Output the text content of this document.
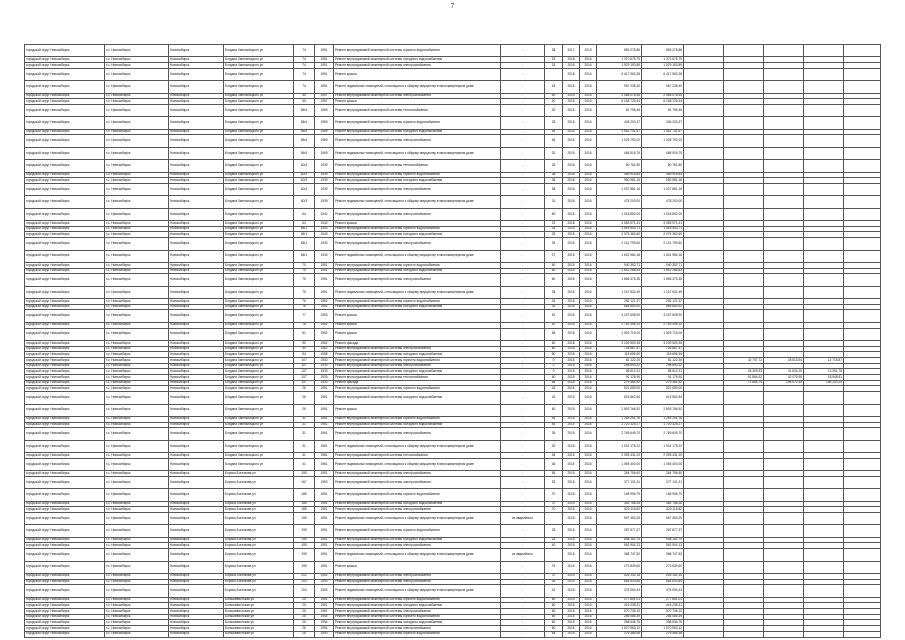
7
городской округ Новосибирск	г.о. Новосибирск	Новосибирск	Богдана Хмельницкого ул	74	1951	Ремонт внутридомовой инженерной системы горячего водоснабжения	-	38	2017	2019	869 278,86	869 278,86					
городской округ Новосибирск	г.о. Новосибирск	Новосибирск	Богдана Хмельницкого ул	74	1951	Ремонт внутридомовой инженерной системы холодного водоснабжения	-	15	2018	2016	1 370 675,79	1 370 675,79					
городской округ Новосибирск	г.о. Новосибирск	Новосибирск	Богдана Хмельницкого ул	74	1951	Ремонт внутридомовой инженерной системы электроснабжения	-	15	2018	2016	1 529 153,89	1 529 153,89					
городской округ Новосибирск	г.о. Новосибирск	Новосибирск	Богдана Хмельницкого ул	74	1951	Ремонт крыши	-		2018	2016	6 417 963,28	6 417 963,28					
городской округ Новосибирск	г.о. Новосибирск	Новосибирск	Богдана Хмельницкого ул	74	1951	Ремонт подвальных помещений, относящихся к общему имуществу в многоквартирном доме	-	18	2018	2016	967 238,40	967 238,40					
городской округ Новосибирск	г.о. Новосибирск	Новосибирск	Богдана Хмельницкого ул	55	1957	Ремонт внутридомовой инженерной системы электроснабжения	-	40	2015	2016	2 068 078,55	2 068 078,55					
городской округ Новосибирск	г.о. Новосибирск	Новосибирск	Богдана Хмельницкого ул	55	1957	Ремонт крыши	-	20	2015	2016	6 168 726,44	6 168 726,44					
городской округ Новосибирск	г.о. Новосибирск	Новосибирск	Богдана Хмельницкого ул	56/4	1969	Ремонт внутридомовой инженерной системы теплоснабжения	-	30	2018	2016	81 795,46	81 795,46					
городской округ Новосибирск	г.о. Новосибирск	Новосибирск	Богдана Хмельницкого ул	56/4	1969	Ремонт внутридомовой инженерной системы горячего водоснабжения	-	25	2015	2016	406 203,37	406 203,37					
городской округ Новосибирск	г.о. Новосибирск	Новосибирск	Богдана Хмельницкого ул	56/4	1969	Ремонт внутридомовой инженерной системы холодного водоснабжения	-	45	2015	2016	1 062 701,67	1 062 701,67					
городской округ Новосибирск	г.о. Новосибирск	Новосибирск	Богдана Хмельницкого ул	56/4	1969	Ремонт внутридомовой инженерной системы электроснабжения	-	45	2015	2016	1 035 792,02	1 035 792,02					
городской округ Новосибирск	г.о. Новосибирск	Новосибирск	Богдана Хмельницкого ул	56/4	1969	Ремонт подвальных помещений, относящихся к общему имуществу в многоквартирном доме	-	32	2015	2016	466 516,75	466 516,75					
городской округ Новосибирск	г.о. Новосибирск	Новосибирск	Богдана Хмельницкого ул	60/3	1939	Ремонт внутридомовой инженерной системы теплоснабжения	-	25	2018	2016	80 761,80	80 761,80					
городской округ Новосибирск	г.о. Новосибирск	Новосибирск	Богдана Хмельницкого ул	60/3	1939	Ремонт внутридомовой инженерной системы горячего водоснабжения	-	38	2018	2016	489 918,84	489 918,84					
городской округ Новосибирск	г.о. Новосибирск	Новосибирск	Богдана Хмельницкого ул	60/3	1939	Ремонт внутридомовой инженерной системы холодного водоснабжения	-	38	2018	2016	950 981,16	950 981,16					
городской округ Новосибирск	г.о. Новосибирск	Новосибирск	Богдана Хмельницкого ул	60/3	1939	Ремонт внутридомовой инженерной системы электроснабжения	-	38	2018	2016	1 037 881,16	1 037 881,16					
городской округ Новосибирск	г.о. Новосибирск	Новосибирск	Богдана Хмельницкого ул	60/3	1939	Ремонт подвальных помещений, относящихся к общему имуществу в многоквартирном доме	-	31	2018	2016	478 200,00	478 200,00					
городской округ Новосибирск	г.о. Новосибирск	Новосибирск	Богдана Хмельницкого ул	64	1942	Ремонт внутридомовой инженерной системы электроснабжения	-	60	2018	2016	1 018 852,00	1 018 852,00					
городской округ Новосибирск	г.о. Новосибирск	Новосибирск	Богдана Хмельницкого ул	64	1942	Ремонт крыши	-	23	2018	2016	4 083 971,41	4 083 971,41					
городской округ Новосибирск	г.о. Новосибирск	Новосибирск	Богдана Хмельницкого ул	66/1	1943	Ремонт внутридомовой инженерной системы горячего водоснабжения	-	25	2015	2016	1 049 903,71	1 049 903,71					
городской округ Новосибирск	г.о. Новосибирск	Новосибирск	Богдана Хмельницкого ул	66/1	1943	Ремонт внутридомовой инженерной системы холодного водоснабжения	-	25	2015	2016	2 075 360,60	2 075 360,60					
городской округ Новосибирск	г.о. Новосибирск	Новосибирск	Богдана Хмельницкого ул	66/1	1943	Ремонт внутридомовой инженерной системы электроснабжения	-	25	2015	2016	2 141 799,60	2 141 799,60					
городской округ Новосибирск	г.о. Новосибирск	Новосибирск	Богдана Хмельницкого ул	66/1	1943	Ремонт подвальных помещений, относящихся к общему имуществу в многоквартирном доме	-	27	2015	2016	1 631 984,18	1 631 984,18					
городской округ Новосибирск	г.о. Новосибирск	Новосибирск	Богдана Хмельницкого ул	75	1951	Ремонт внутридомовой инженерной системы горячего водоснабжения	-	60	2015	2016	940 352,71	940 352,71					
городской округ Новосибирск	г.о. Новосибирск	Новосибирск	Богдана Хмельницкого ул	75	1951	Ремонт внутридомовой инженерной системы холодного водоснабжения	-	60	2015	2016	1 642 286,83	1 642 286,83					
городской округ Новосибирск	г.о. Новосибирск	Новосибирск	Богдана Хмельницкого ул	75	1951	Ремонт внутридомовой инженерной системы электроснабжения	-	60	2015	2016	1 656 375,35	1 656 375,35					
городской округ Новосибирск	г.о. Новосибирск	Новосибирск	Богдана Хмельницкого ул	75	1951	Ремонт подвальных помещений, относящихся к общему имуществу в многоквартирном доме	-	28	2015	2016	1 167 532,49	1 167 532,49					
городской округ Новосибирск	г.о. Новосибирск	Новосибирск	Богдана Хмельницкого ул	76	1952	Ремонт внутридомовой инженерной системы горячего водоснабжения	-	33	2018	2016	282 121,37	282 121,37					
городской округ Новосибирск	г.о. Новосибирск	Новосибирск	Богдана Хмельницкого ул	76	1952	Ремонт внутридомовой инженерной системы холодного водоснабжения	-	33	2018	2016	866 653,92	866 653,92					
городской округ Новосибирск	г.о. Новосибирск	Новосибирск	Богдана Хмельницкого ул	77	1953	Ремонт крыши	-	51	2015	2016	3 157 608,90	3 157 608,90					
городской округ Новосибирск	г.о. Новосибирск	Новосибирск	Богдана Хмельницкого ул	78	1952	Ремонт крыши	-	52	2015	2016	2 763 396,10	2 763 396,10					
городской округ Новосибирск	г.о. Новосибирск	Новосибирск	Богдана Хмельницкого ул	81	1952	Ремонт крыши	-	65	2018	2016	1 593 719,00	1 593 719,00					
городской округ Новосибирск	г.о. Новосибирск	Новосибирск	Богдана Хмельницкого ул	90	1962	Ремонт фасада	-	60	2018	2016	3 239 509,35	3 239 509,35					
городской округ Новосибирск	г.о. Новосибирск	Новосибирск	Богдана Хмельницкого ул	90	1962	Ремонт внутридомовой инженерной системы электроснабжения	-	60	2018	2016	705 867,57	705 867,57					
городской округ Новосибирск	г.о. Новосибирск	Новосибирск	Богдана Хмельницкого ул	94	1958	Ремонт внутридомовой инженерной системы холодного водоснабжения	-	50	2018	2016	116 696,90	116 696,90					
городской округ Новосибирск	г.о. Новосибирск	Новосибирск	Богдана Хмельницкого ул	107	1930	Ремонт внутридомовой инженерной системы горячего водоснабжения	-	0	2015	2016	81 122,20	81 122,20		42 707,72	28 515,94	12 718,87	
городской округ Новосибирск	г.о. Новосибирск	Новосибирск	Богдана Хмельницкого ул	107	1930	Ремонт внутридомовой инженерной системы электроснабжения	-	0	2015	2016	298 693,22	298 693,22					
городской округ Новосибирск	г.о. Новосибирск	Новосибирск	Богдана Хмельницкого ул	107	1930	Ремонт внутридомовой инженерной системы холодного водоснабжения	-	0	2015	2016	86 612,21	86 612,21		45 309,93	31 634,20	13 291,78	
городской округ Новосибирск	г.о. Новосибирск	Новосибирск	Богдана Хмельницкого ул	107	1930	Ремонт внутридомовой инженерной системы теплоснабжения	-	60	2018	2016	91 176,90	91 176,90		51 864,92	42 079,95	18 948,81	
городской округ Новосибирск	г.о. Новосибирск	Новосибирск	Богдана Хмельницкого ул	107	1930	Ремонт фасада	-	65	2015	2016	279 364,92	279 364,92		71 684,75	196 072,35	166 200,25	
городской округ Новосибирск	г.о. Новосибирск	Новосибирск	Богдана Хмельницкого ул	26	1951	Ремонт внутридомовой инженерной системы горячего водоснабжения	-	43	2015	2016	521 659,00	521 659,00					
городской округ Новосибирск	г.о. Новосибирск	Новосибирск	Богдана Хмельницкого ул	26	1951	Ремонт внутридомовой инженерной системы холодного водоснабжения	-	43	2015	2016	615 562,84	615 562,84					
городской округ Новосибирск	г.о. Новосибирск	Новосибирск	Богдана Хмельницкого ул	26	1951	Ремонт крыши	-	60	2015	2016	2 893 766,92	2 893 766,92					
городской округ Новосибирск	г.о. Новосибирск	Новосибирск	Богдана Хмельницкого ул	31	1961	Ремонт внутридомовой инженерной системы горячего водоснабжения	-	45	2015	2016	1 265 251,76	1 265 251,76					
городской округ Новосибирск	г.о. Новосибирск	Новосибирск	Богдана Хмельницкого ул	31	1961	Ремонт внутридомовой инженерной системы холодного водоснабжения	-	45	2015	2016	1 720 325,27	1 720 325,27					
городской округ Новосибирск	г.о. Новосибирск	Новосибирск	Богдана Хмельницкого ул	31	1961	Ремонт внутридомовой инженерной системы электроснабжения	-	35	2015	2016	2 769 649,70	2 769 649,70					
городской округ Новосибирск	г.о. Новосибирск	Новосибирск	Богдана Хмельницкого ул	31	1961	Ремонт подвальных помещений, относящихся к общему имуществу в многоквартирном доме	-	30	2015	2016	1 931 175,22	1 931 175,22					
городской округ Новосибирск	г.о. Новосибирск	Новосибирск	Богдана Хмельницкого ул	41	1961	Ремонт внутридомовой инженерной системы теплоснабжения	-	45	2015	2016	2 095 431,20	2 095 431,20					
городской округ Новосибирск	г.о. Новосибирск	Новосибирск	Богдана Хмельницкого ул	41	1961	Ремонт подвальных помещений, относящихся к общему имуществу в многоквартирном доме	-	36	2015	2016	1 065 400,00	1 065 400,00					
городской округ Новосибирск	г.о. Новосибирск	Новосибирск	Бориса Богаткова ул	159	1951	Ремонт внутридомовой инженерной системы электроснабжения	-	65	2015	2016	264 756,60	264 756,60					
городской округ Новосибирск	г.о. Новосибирск	Новосибирск	Бориса Богаткова ул	167	1950	Ремонт внутридомовой инженерной системы электроснабжения	-	53	2015	2016	377 131,31	377 131,31					
городской округ Новосибирск	г.о. Новосибирск	Новосибирск	Бориса Богаткова ул	185	1951	Ремонт внутридомовой инженерной системы горячего водоснабжения	-	70	2015	2016	165 996,79	165 996,79					
городской округ Новосибирск	г.о. Новосибирск	Новосибирск	Бориса Богаткова ул	185	1951	Ремонт внутридомовой инженерной системы холодного водоснабжения	-	70	2015	2016	362 758,26	362 758,26					
городской округ Новосибирск	г.о. Новосибирск	Новосибирск	Бориса Богаткова ул	185	1951	Ремонт внутридомовой инженерной системы электроснабжения	-	70	2015	2016	620 116,82	620 116,82					
городской округ Новосибирск	г.о. Новосибирск	Новосибирск	Бориса Богаткова ул	195	1951	Ремонт подвальных помещений, относящихся к общему имуществу в многоквартирном доме	из аварийного		2015	2016	557 453,29	557 453,29					
городской округ Новосибирск	г.о. Новосибирск	Новосибирск	Бориса Богаткова ул	195	1951	Ремонт внутридомовой инженерной системы горячего водоснабжения	-	25	2015	2016	287 877,37	287 877,37					
городской округ Новосибирск	г.о. Новосибирск	Новосибирск	Бориса Богаткова ул	195	1951	Ремонт внутридомовой инженерной системы холодного водоснабжения	-	25	2015	2016	548 152,75	548 152,75					
городской округ Новосибирск	г.о. Новосибирск	Новосибирск	Бориса Богаткова ул	195	1951	Ремонт внутридомовой инженерной системы электроснабжения	-	40	2015	2016	562 904,13	562 904,13					
городской округ Новосибирск	г.о. Новосибирск	Новосибирск	Бориса Богаткова ул	195	1951	Ремонт подвальных помещений, относящихся к общему имуществу в многоквартирном доме	из аварийного		2015	2016	368 747,52	368 747,52					
городской округ Новосибирск	г.о. Новосибирск	Новосибирск	Бориса Богаткова ул	195	1951	Ремонт крыши	-	75	2015	2016	273 839,60	273 839,60					
городской округ Новосибирск	г.о. Новосибирск	Новосибирск	Бориса Богаткова ул	202	1952	Ремонт внутридомовой инженерной системы электроснабжения	-	70	2015	2016	526 142,15	526 142,15					
городской округ Новосибирск	г.о. Новосибирск	Новосибирск	Бориса Богаткова ул	204	1953	Ремонт внутридомовой инженерной системы электроснабжения	-	35	2015	2016	664 633,84	664 633,84					
городской округ Новосибирск	г.о. Новосибирск	Новосибирск	Бориса Богаткова ул	204	1953	Ремонт подвальных помещений, относящихся к общему имуществу в многоквартирном доме	-	22	2015	2016	375 094,43	375 094,43					
городской округ Новосибирск	г.о. Новосибирск	Новосибирск	Большевистская ул	25	1951	Ремонт внутридомовой инженерной системы горячего водоснабжения	-	60	2015	2016	277 651,01	277 651,01					
городской округ Новосибирск	г.о. Новосибирск	Новосибирск	Большевистская ул	25	1951	Ремонт внутридомовой инженерной системы холодного водоснабжения	-	60	2015	2016	416 238,31	416 238,31					
городской округ Новосибирск	г.о. Новосибирск	Новосибирск	Большевистская ул	25	1951	Ремонт внутридомовой инженерной системы электроснабжения	-	60	2015	2016	570 736,10	570 736,10					
городской округ Новосибирск	г.о. Новосибирск	Новосибирск	Большевистская ул	26	1954	Ремонт внутридомовой инженерной системы горячего водоснабжения	-	60	2015	2016	266 086,39	266 086,39					
городской округ Новосибирск	г.о. Новосибирск	Новосибирск	Большевистская ул	26	1954	Ремонт внутридомовой инженерной системы холодного водоснабжения	-	60	2015	2016	358 536,76	358 536,76					
городской округ Новосибирск	г.о. Новосибирск	Новосибирск	Большевистская ул	26	1954	Ремонт внутридомовой инженерной системы электроснабжения	-	60	2015	2016	1 670 963,12	1 670 963,12					
городской округ Новосибирск	г.о. Новосибирск	Новосибирск	Большевистская ул	28	1950	Ремонт внутридомовой инженерной системы горячего водоснабжения	-	54	2015	2016	276 486,96	276 486,96					
